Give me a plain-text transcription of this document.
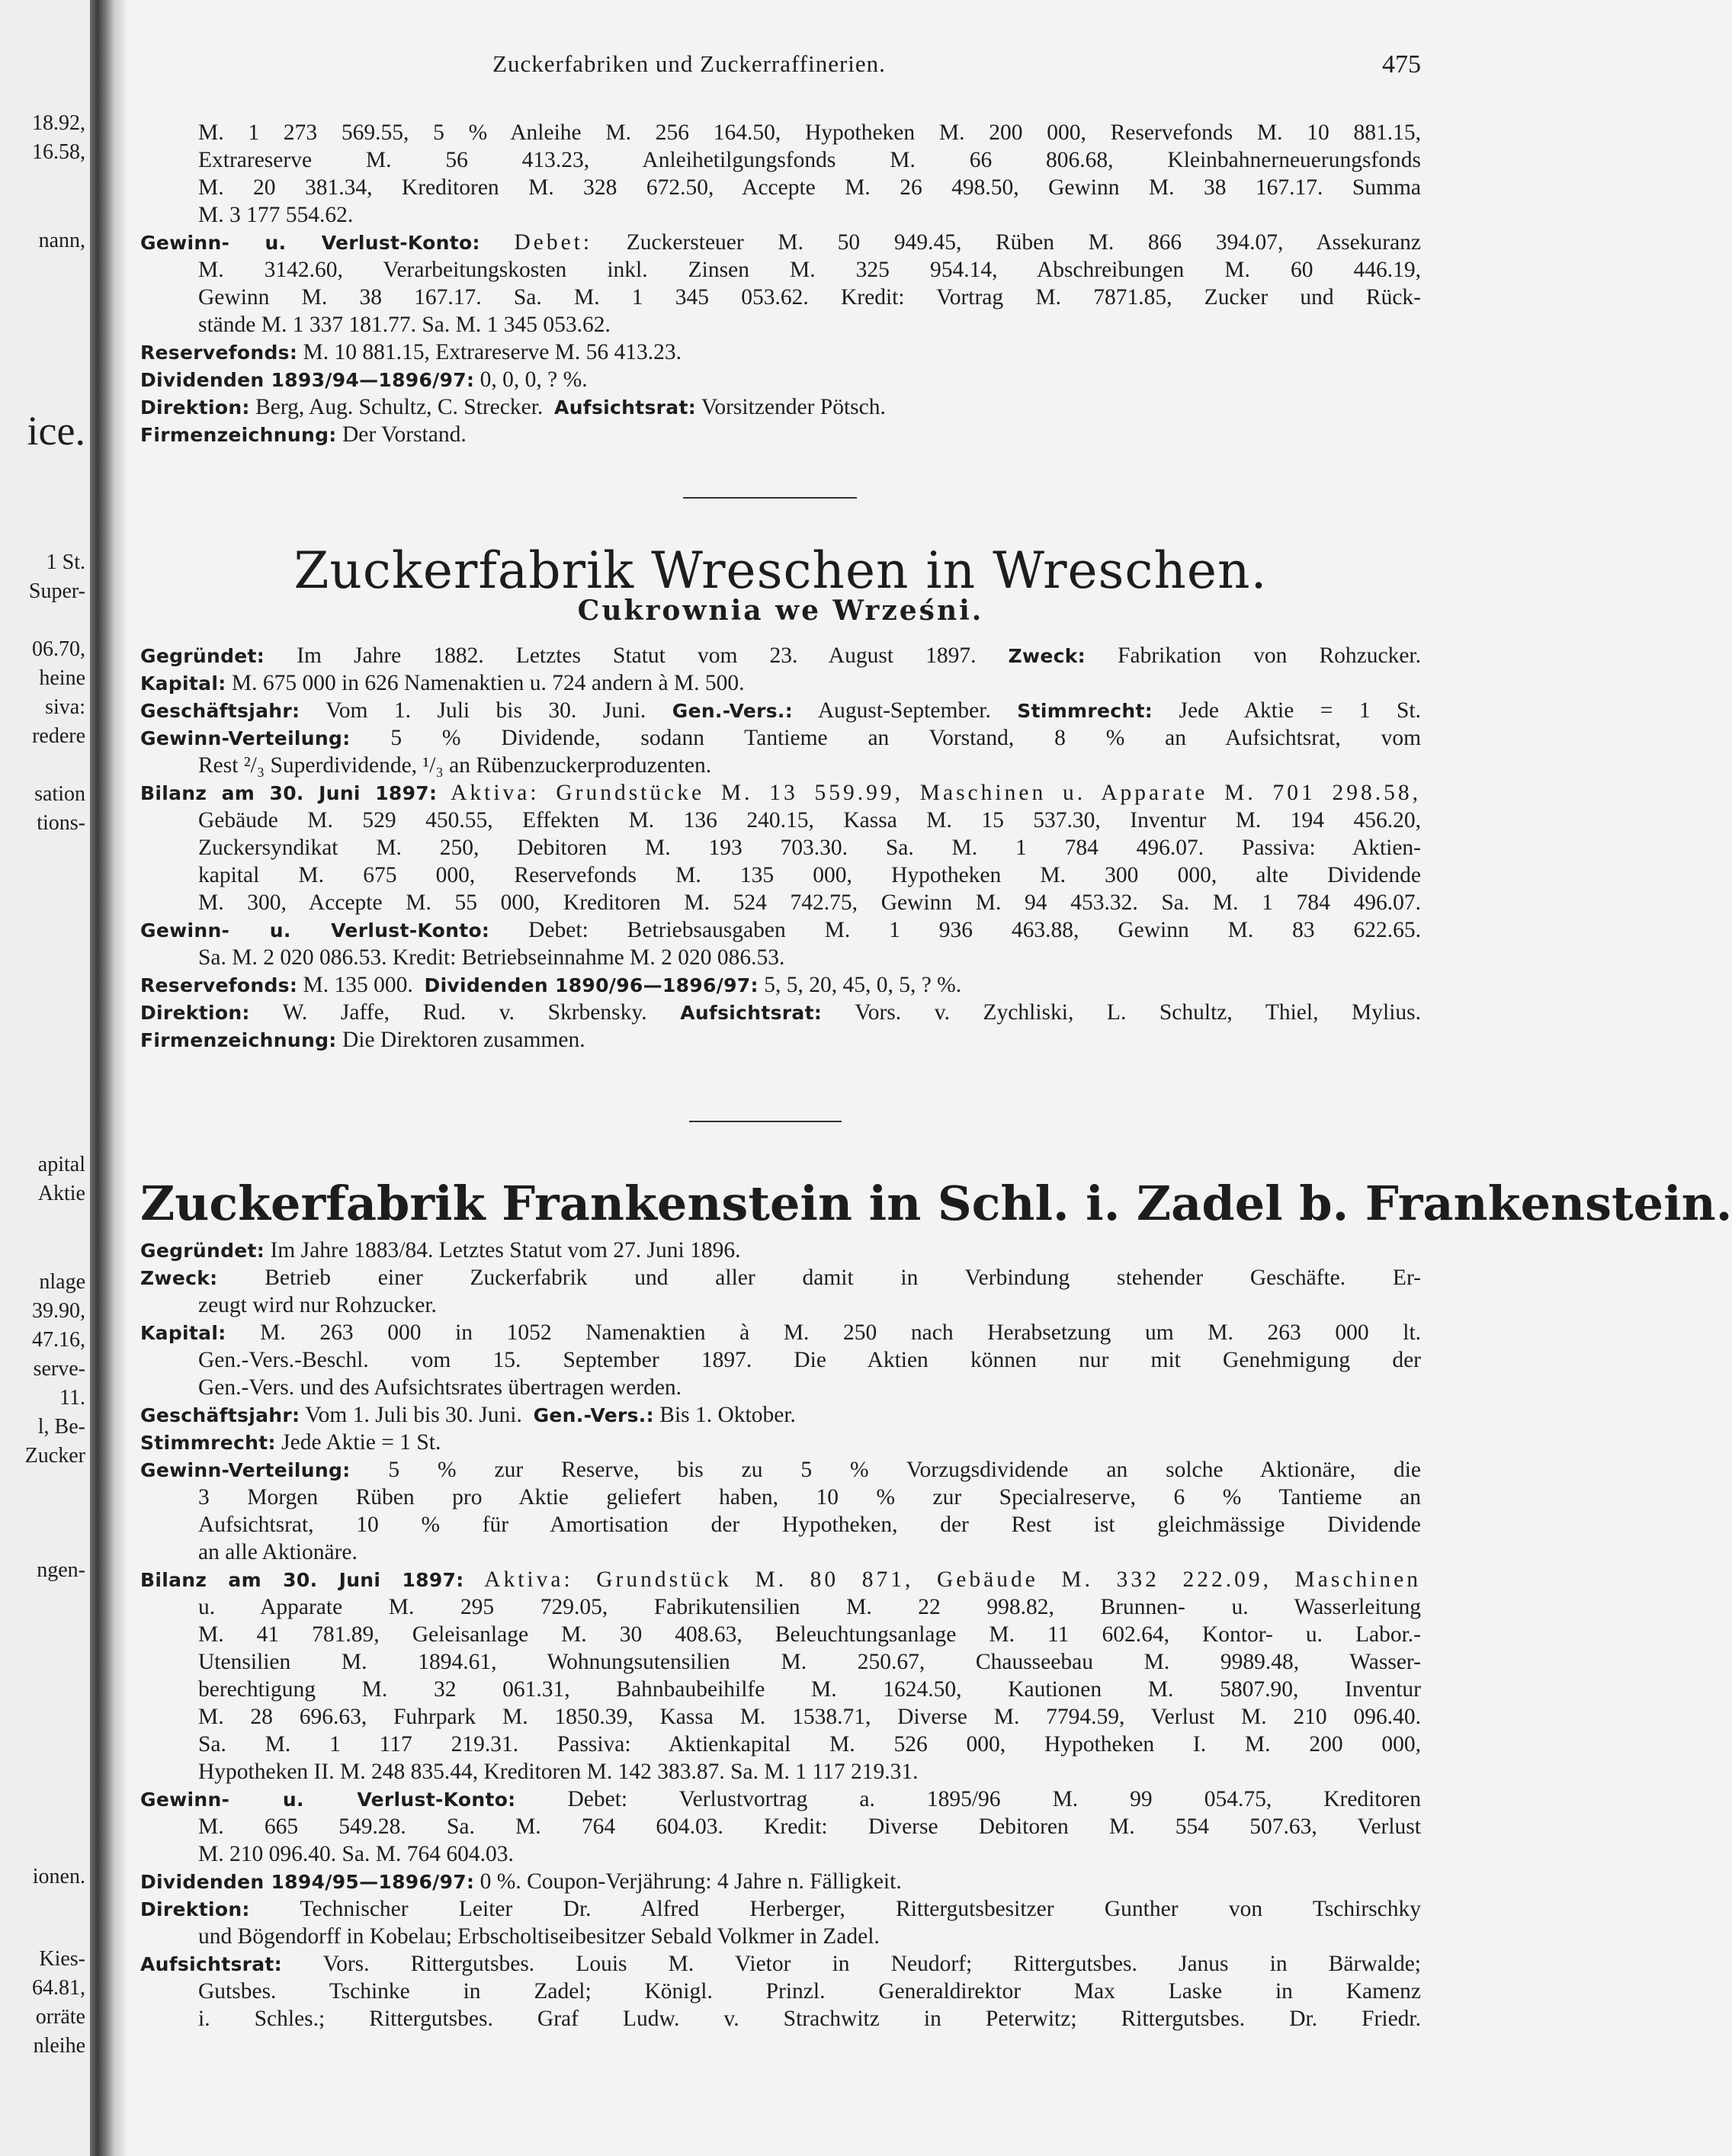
18.92,
16.58,
nann,
ice.
1 St.
Super-
06.70,
heine
siva:
redere
sation
tions-
apital
Aktie
nlage
39.90,
47.16,
serve-
11.
l, Be-
Zucker
ngen-
ionen.
Kies-
64.81,
orräte
nleihe
Zuckerfabriken und Zuckerraffinerien.	475
M. 1 273 569.55, 5 % Anleihe M. 256 164.50, Hypotheken M. 200 000, Reservefonds M. 10 881.15,
Extrareserve M. 56 413.23, Anleihetilgungsfonds M. 66 806.68, Kleinbahnerneuerungsfonds
M. 20 381.34, Kreditoren M. 328 672.50, Accepte M. 26 498.50, Gewinn M. 38 167.17. Summa
M. 3 177 554.62.
Gewinn- u. Verlust-Konto: Debet: Zuckersteuer M. 50 949.45, Rüben M. 866 394.07, Assekuranz
M. 3142.60, Verarbeitungskosten inkl. Zinsen M. 325 954.14, Abschreibungen M. 60 446.19,
Gewinn M. 38 167.17. Sa. M. 1 345 053.62. Kredit: Vortrag M. 7871.85, Zucker und Rück-
stände M. 1 337 181.77. Sa. M. 1 345 053.62.
Reservefonds: M. 10 881.15, Extrareserve M. 56 413.23.
Dividenden 1893/94—1896/97: 0, 0, 0, ? %.
Direktion: Berg, Aug. Schultz, C. Strecker. Aufsichtsrat: Vorsitzender Pötsch.
Firmenzeichnung: Der Vorstand.
Zuckerfabrik Wreschen in Wreschen.
Cukrownia we Wrześni.
Gegründet: Im Jahre 1882. Letztes Statut vom 23. August 1897. Zweck: Fabrikation von Rohzucker.
Kapital: M. 675 000 in 626 Namenaktien u. 724 andern à M. 500.
Geschäftsjahr: Vom 1. Juli bis 30. Juni. Gen.-Vers.: August-September. Stimmrecht: Jede Aktie = 1 St.
Gewinn-Verteilung: 5 % Dividende, sodann Tantieme an Vorstand, 8 % an Aufsichtsrat, vom
Rest ²/₃ Superdividende, ¹/₃ an Rübenzuckerproduzenten.
Bilanz am 30. Juni 1897: Aktiva: Grundstücke M. 13 559.99, Maschinen u. Apparate M. 701 298.58,
Gebäude M. 529 450.55, Effekten M. 136 240.15, Kassa M. 15 537.30, Inventur M. 194 456.20,
Zuckersyndikat M. 250, Debitoren M. 193 703.30. Sa. M. 1 784 496.07. Passiva: Aktien-
kapital M. 675 000, Reservefonds M. 135 000, Hypotheken M. 300 000, alte Dividende
M. 300, Accepte M. 55 000, Kreditoren M. 524 742.75, Gewinn M. 94 453.32. Sa. M. 1 784 496.07.
Gewinn- u. Verlust-Konto: Debet: Betriebsausgaben M. 1 936 463.88, Gewinn M. 83 622.65.
Sa. M. 2 020 086.53. Kredit: Betriebseinnahme M. 2 020 086.53.
Reservefonds: M. 135 000. Dividenden 1890/96—1896/97: 5, 5, 20, 45, 0, 5, ? %.
Direktion: W. Jaffe, Rud. v. Skrbensky. Aufsichtsrat: Vors. v. Zychliski, L. Schultz, Thiel, Mylius.
Firmenzeichnung: Die Direktoren zusammen.
Zuckerfabrik Frankenstein in Schl. i. Zadel b. Frankenstein.
Gegründet: Im Jahre 1883/84. Letztes Statut vom 27. Juni 1896.
Zweck: Betrieb einer Zuckerfabrik und aller damit in Verbindung stehender Geschäfte. Er-
zeugt wird nur Rohzucker.
Kapital: M. 263 000 in 1052 Namenaktien à M. 250 nach Herabsetzung um M. 263 000 lt.
Gen.-Vers.-Beschl. vom 15. September 1897. Die Aktien können nur mit Genehmigung der
Gen.-Vers. und des Aufsichtsrates übertragen werden.
Geschäftsjahr: Vom 1. Juli bis 30. Juni. Gen.-Vers.: Bis 1. Oktober.
Stimmrecht: Jede Aktie = 1 St.
Gewinn-Verteilung: 5 % zur Reserve, bis zu 5 % Vorzugsdividende an solche Aktionäre, die
3 Morgen Rüben pro Aktie geliefert haben, 10 % zur Specialreserve, 6 % Tantieme an
Aufsichtsrat, 10 % für Amortisation der Hypotheken, der Rest ist gleichmässige Dividende
an alle Aktionäre.
Bilanz am 30. Juni 1897: Aktiva: Grundstück M. 80 871, Gebäude M. 332 222.09, Maschinen
u. Apparate M. 295 729.05, Fabrikutensilien M. 22 998.82, Brunnen- u. Wasserleitung
M. 41 781.89, Geleisanlage M. 30 408.63, Beleuchtungsanlage M. 11 602.64, Kontor- u. Labor.-
Utensilien M. 1894.61, Wohnungsutensilien M. 250.67, Chausseebau M. 9989.48, Wasser-
berechtigung M. 32 061.31, Bahnbaubeihilfe M. 1624.50, Kautionen M. 5807.90, Inventur
M. 28 696.63, Fuhrpark M. 1850.39, Kassa M. 1538.71, Diverse M. 7794.59, Verlust M. 210 096.40.
Sa. M. 1 117 219.31. Passiva: Aktienkapital M. 526 000, Hypotheken I. M. 200 000,
Hypotheken II. M. 248 835.44, Kreditoren M. 142 383.87. Sa. M. 1 117 219.31.
Gewinn- u. Verlust-Konto: Debet: Verlustvortrag a. 1895/96 M. 99 054.75, Kreditoren
M. 665 549.28. Sa. M. 764 604.03. Kredit: Diverse Debitoren M. 554 507.63, Verlust
M. 210 096.40. Sa. M. 764 604.03.
Dividenden 1894/95—1896/97: 0 %. Coupon-Verjährung: 4 Jahre n. Fälligkeit.
Direktion: Technischer Leiter Dr. Alfred Herberger, Rittergutsbesitzer Gunther von Tschirschky
und Bögendorff in Kobelau; Erbscholtiseibesitzer Sebald Volkmer in Zadel.
Aufsichtsrat: Vors. Rittergutsbes. Louis M. Vietor in Neudorf; Rittergutsbes. Janus in Bärwalde;
Gutsbes. Tschinke in Zadel; Königl. Prinzl. Generaldirektor Max Laske in Kamenz
i. Schles.; Rittergutsbes. Graf Ludw. v. Strachwitz in Peterwitz; Rittergutsbes. Dr. Friedr.
